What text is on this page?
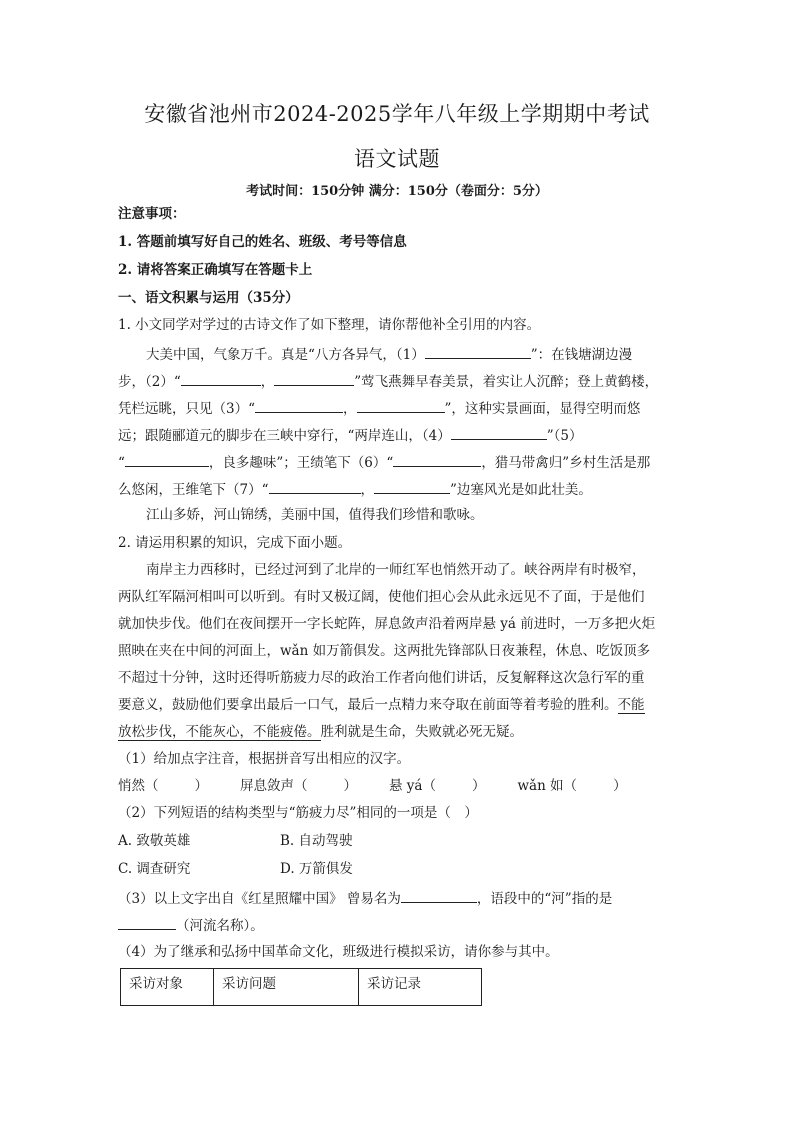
安徽省池州市2024-2025学年八年级上学期期中考试
语文试题
考试时间：150分钟 满分：150分（卷面分：5分）
注意事项：
1. 答题前填写好自己的姓名、班级、考号等信息
2. 请将答案正确填写在答题卡上
一、语文积累与运用（35分）
1. 小文同学对学过的古诗文作了如下整理，请你帮他补全引用的内容。
大美中国，气象万千。真是“八方各异气，（1）	”：在钱塘湖边漫
步，（2）“	，	”莺飞燕舞早春美景，着实让人沉醉；登上黄鹤楼，
凭栏远眺，只见（3）“	，	”，这种实景画面，显得空明而悠
远；跟随郦道元的脚步在三峡中穿行，“两岸连山，（4）	”（5）
“	，良多趣味”；王绩笔下（6）“	，猎马带禽归”乡村生活是那
么悠闲，王维笔下（7）“	，	”边塞风光是如此壮美。
江山多娇，河山锦绣，美丽中国，值得我们珍惜和歌咏。
2. 请运用积累的知识，完成下面小题。
南岸主力西移时，已经过河到了北岸的一师红军也悄然开动了。峡谷两岸有时极窄，
两队红军隔河相叫可以听到。有时又极辽阔，使他们担心会从此永远见不了面，于是他们
就加快步伐。他们在夜间摆开一字长蛇阵，屏息敛声沿着两岸悬 yá 前进时，一万多把火炬
照映在夹在中间的河面上，wǎn 如万箭俱发。这两批先锋部队日夜兼程，休息、吃饭顶多
不超过十分钟，这时还得听筋疲力尽的政治工作者向他们讲话，反复解释这次急行军的重
要意义，鼓励他们要拿出最后一口气，最后一点精力来夺取在前面等着考验的胜利。不能
放松步伐，不能灰心，不能疲倦。胜利就是生命，失败就必死无疑。
（1）给加点字注音，根据拼音写出相应的汉字。
悄然（	） 屏息敛声（	） 悬 yá（	） wǎn 如（	）
（2）下列短语的结构类型与“筋疲力尽”相同的一项是（　）
A. 致敬英雄	B. 自动驾驶
C. 调查研究	D. 万箭俱发
（3）以上文字出自《红星照耀中国》 曾易名为	，语段中的“河”指的是
（河流名称）。
（4）为了继承和弘扬中国革命文化，班级进行模拟采访，请你参与其中。
采访对象	采访问题	采访记录
